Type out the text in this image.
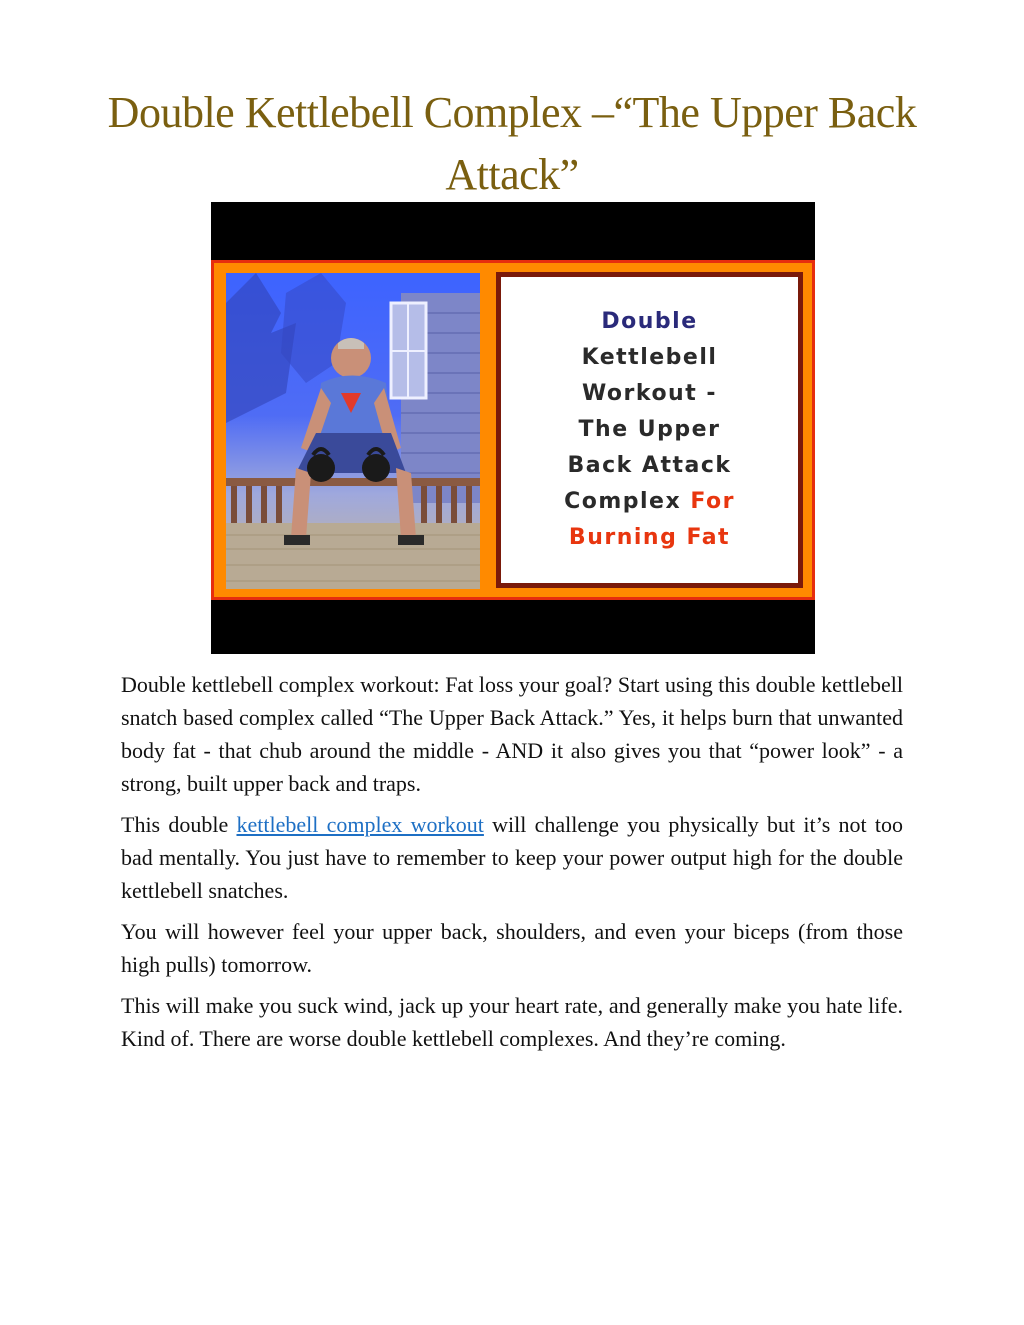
Double Kettlebell Complex –“The Upper Back Attack”
Double
Kettlebell
Workout -
The Upper
Back Attack
Complex For
Burning Fat

Double kettlebell complex workout: Fat loss your goal? Start using this double kettlebell snatch based complex called “The Upper Back Attack.” Yes, it helps burn that unwanted body fat - that chub around the middle - AND it also gives you that “power look” - a strong, built upper back and traps.

This double kettlebell complex workout will challenge you physically but it’s not too bad mentally. You just have to remember to keep your power output high for the double kettlebell snatches.

You will however feel your upper back, shoulders, and even your biceps (from those high pulls) tomorrow.

This will make you suck wind, jack up your heart rate, and generally make you hate life. Kind of. There are worse double kettlebell complexes. And they’re coming.
